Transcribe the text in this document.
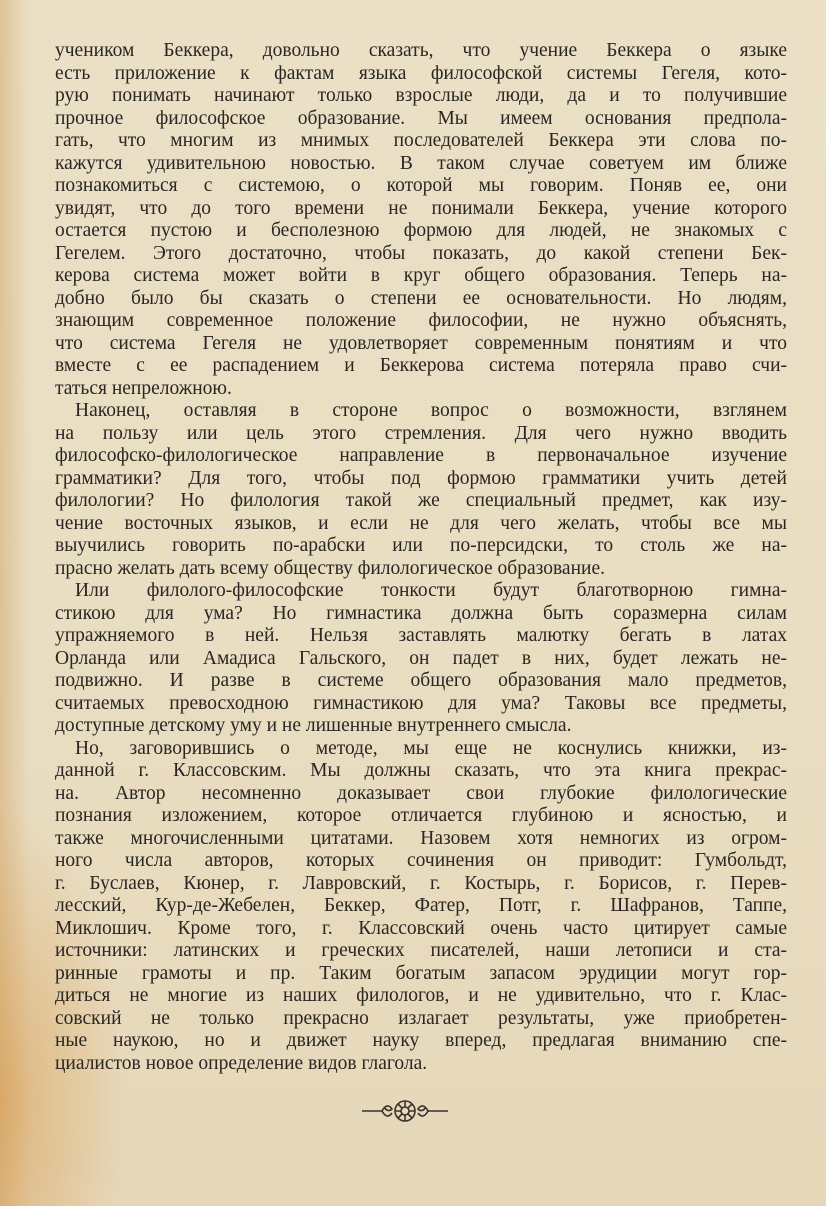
учеником Беккера, довольно сказать, что учение Беккера о языке
есть приложение к фактам языка философской системы Гегеля, кото-
рую понимать начинают только взрослые люди, да и то получившие
прочное философское образование. Мы имеем основания предпола-
гать, что многим из мнимых последователей Беккера эти слова по-
кажутся удивительною новостью. В таком случае советуем им ближе
познакомиться с системою, о которой мы говорим. Поняв ее, они
увидят, что до того времени не понимали Беккера, учение которого
остается пустою и бесполезною формою для людей, не знакомых с
Гегелем. Этого достаточно, чтобы показать, до какой степени Бек-
керова система может войти в круг общего образования. Теперь на-
добно было бы сказать о степени ее основательности. Но людям,
знающим современное положение философии, не нужно объяснять,
что система Гегеля не удовлетворяет современным понятиям и что
вместе с ее распадением и Беккерова система потеряла право счи-
таться непреложною.
Наконец, оставляя в стороне вопрос о возможности, взглянем
на пользу или цель этого стремления. Для чего нужно вводить
философско-филологическое направление в первоначальное изучение
грамматики? Для того, чтобы под формою грамматики учить детей
филологии? Но филология такой же специальный предмет, как изу-
чение восточных языков, и если не для чего желать, чтобы все мы
выучились говорить по-арабски или по-персидски, то столь же на-
прасно желать дать всему обществу филологическое образование.
Или филолого-философские тонкости будут благотворною гимна-
стикою для ума? Но гимнастика должна быть соразмерна силам
упражняемого в ней. Нельзя заставлять малютку бегать в латах
Орланда или Амадиса Гальского, он падет в них, будет лежать не-
подвижно. И разве в системе общего образования мало предметов,
считаемых превосходною гимнастикою для ума? Таковы все предметы,
доступные детскому уму и не лишенные внутреннего смысла.
Но, заговорившись о методе, мы еще не коснулись книжки, из-
данной г. Классовским. Мы должны сказать, что эта книга прекрас-
на. Автор несомненно доказывает свои глубокие филологические
познания изложением, которое отличается глубиною и ясностью, и
также многочисленными цитатами. Назовем хотя немногих из огром-
ного числа авторов, которых сочинения он приводит: Гумбольдт,
г. Буслаев, Кюнер, г. Лавровский, г. Костырь, г. Борисов, г. Перев-
лесский, Кур-де-Жебелен, Беккер, Фатер, Потг, г. Шафранов, Таппе,
Миклошич. Кроме того, г. Классовский очень часто цитирует самые
источники: латинских и греческих писателей, наши летописи и ста-
ринные грамоты и пр. Таким богатым запасом эрудиции могут гор-
диться не многие из наших филологов, и не удивительно, что г. Клас-
совский не только прекрасно излагает результаты, уже приобретен-
ные наукою, но и движет науку вперед, предлагая вниманию спе-
циалистов новое определение видов глагола.
